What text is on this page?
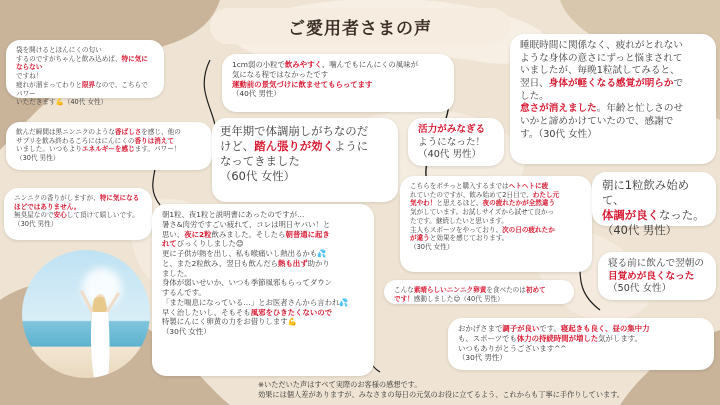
ご愛用者さまの声
袋を開けるとほんにくの匂い
するのですがちゃんと飲み込めば、特に気にならない
ですね！
疲れが溜まってわりと限界なので、こちらでパワー
いただきます💪（40代 女性）
1cm弱の小粒で飲みやすく、噛んでもにんにくの風味が
気になる程ではなかったです
運動前の景気づけに飲ませてもらってます
（40代 男性）
飲んだ瞬間は黒ニンニクのような香ばしさを感じ、他の
サプリを飲み終わるころにはにんにくの香りは消えて
いました。いつもよりエネルギーを感じます。パワー！
（30代 男性）
更年期で体調崩しがちなのだ
けど、踏ん張りが効くように
なってきました
（60代 女性）
活力がみなぎる
ようになった！
（40代 男性）
睡眠時間に関係なく、疲れがとれない
ような身体の意さにずっと悩まされて
いましたが、毎晩1粒試してみると、
翌日、身体が軽くなる感覚が明らかで
した。
怠さが消えました。年齢と忙しさのせ
いかと諦めかけていたので、感謝で
す。（30代 女性）
ニンニクの香りがしますが、特に気になる
ほどではありません。
無臭屋なので安心して頂けて嬉しいです。
（30代 男性）
こちらをポチっと購入するまではヘトヘトに疲
れていたのですが、飲み始めて2日目で、わたし元
気やわ！と思えるほど、夜の疲れたかが全然違う
気がしています。お試しサイズから試せて良かっ
たです。継続したいと思います。
主人もスポーツをやっており、次の日の疲れたか
が違うと効果を感じております。
（30代 女性）
朝に1粒飲み始めて、
体調が良くなった。
（40代 男性）
朝1粒、夜1粒と説明書にあったのですが…
暑さ&肉労ですごい疲れて、コレは明日ヤバい！と
思い、夜に2粒飲みました。そしたら朝普通に起き
れてびっくりしました😊
更に子供が熱を出し、私も喉痛いし熱出るかも💦
と、また2粒飲み、翌日も飲んだら熱も出ず助かり
ました。
身体が弱いせいか、いつも季節風邪もらってダウン
するんです。
「また喘息になっている…」とお医者さんから言われ💦
早く治したいし、そもそも風邪をひきたくないので
特製にんにく卵黄の力をお借りします💪
（30代 女性）
寝る前に飲んで翌朝の
目覚めが良くなった
（50代 女性）
こんな素晴らしいニンニク卵黄を食べたのは初めて
です！感動しました😊（40代 男性）
おかげさまで調子が良いです。寝起きも良く、昼の集中力
も、スポーツでも体力の持続時間が増した気がします。
いつもありがとうございます^^
（30代 男性）
※いただいた声はすべて実際のお客様の感想です。
効果には個人差がありますが、みなさまの毎日の元気のお役に立てるよう、これからも丁寧に手作りしています。
